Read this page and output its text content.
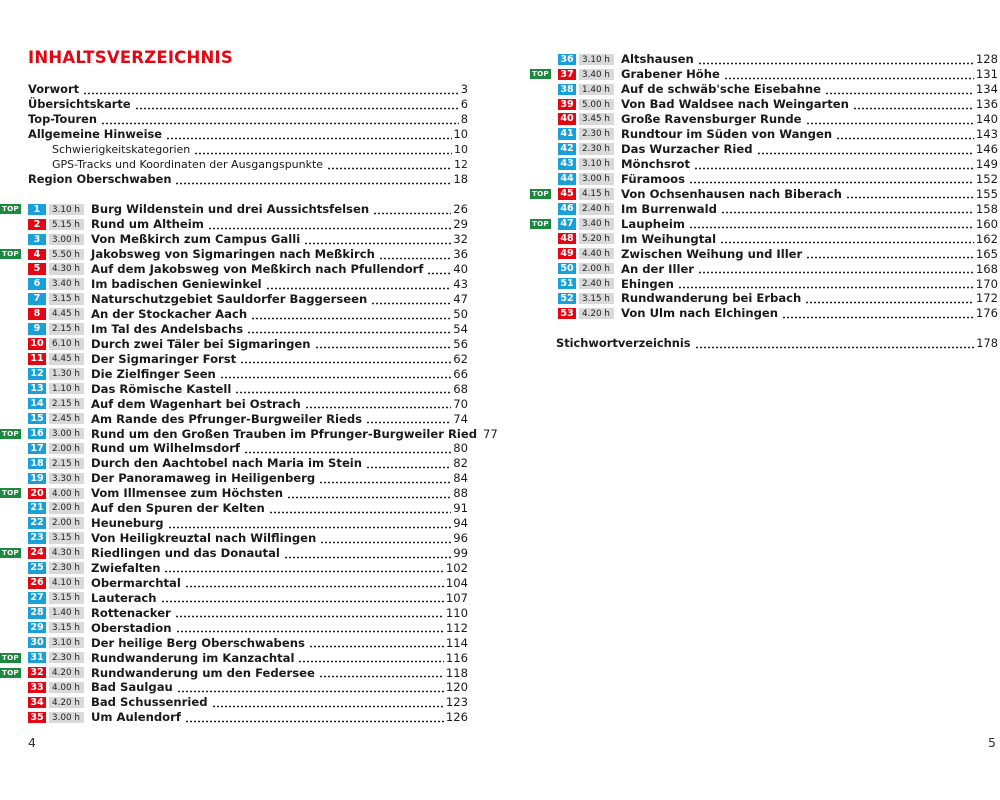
INHALTSVERZEICHNIS
Vorwort	3
Übersichtskarte	6
Top-Touren	8
Allgemeine Hinweise	10
Schwierigkeitskategorien	10
GPS-Tracks und Koordinaten der Ausgangspunkte	12
Region Oberschwaben	18
TOP	1	3.10 h Burg Wildenstein und drei Aussichtsfelsen	26
2	5.15 h Rund um Altheim	29
3	3.00 h Von Meßkirch zum Campus Galli	32
TOP	4	5.50 h Jakobsweg von Sigmaringen nach Meßkirch	36
5	4.30 h Auf dem Jakobsweg von Meßkirch nach Pfullendorf	40
6	3.40 h Im badischen Geniewinkel	43
7	3.15 h Naturschutzgebiet Sauldorfer Baggerseen	47
8	4.45 h An der Stockacher Aach	50
9	2.15 h Im Tal des Andelsbachs	54
10 6.10 h Durch zwei Täler bei Sigmaringen	56
11 4.45 h Der Sigmaringer Forst	62
12 1.30 h Die Zielfinger Seen	66
13 1.10 h Das Römische Kastell	68
14 2.15 h Auf dem Wagenhart bei Ostrach	70
15 2.45 h Am Rande des Pfrunger-Burgweiler Rieds	74
TOP 16 3.00 h Rund um den Großen Trauben im Pfrunger-Burgweiler Ried 77
17 2.00 h Rund um Wilhelmsdorf	80
18 2.15 h Durch den Aachtobel nach Maria im Stein	82
19 3.30 h Der Panoramaweg in Heiligenberg	84
TOP 20 4.00 h Vom Illmensee zum Höchsten	88
21 2.00 h Auf den Spuren der Kelten	91
22 2.00 h Heuneburg	94
23 3.15 h Von Heiligkreuztal nach Wilflingen	96
TOP 24 4.30 h Riedlingen und das Donautal	99
25 2.30 h Zwiefalten	102
26 4.10 h Obermarchtal	104
27 3.15 h Lauterach	107
28 1.40 h Rottenacker	110
29 3.15 h Oberstadion	112
30 3.10 h Der heilige Berg Oberschwabens	114
TOP 31 2.30 h Rundwanderung im Kanzachtal	116
TOP 32 4.20 h Rundwanderung um den Federsee	118
33 4.00 h Bad Saulgau	120
34 4.20 h Bad Schussenried	123
35 3.00 h Um Aulendorf	126
4
36 3.10 h Altshausen	128
TOP 37 3.40 h Grabener Höhe	131
38 1.40 h Auf de schwäb'sche Eisebahne	134
39 5.00 h Von Bad Waldsee nach Weingarten	136
40 3.45 h Große Ravensburger Runde	140
41 2.30 h Rundtour im Süden von Wangen	143
42 2.30 h Das Wurzacher Ried	146
43 3.10 h Mönchsrot	149
44 3.00 h Füramoos	152
TOP 45 4.15 h Von Ochsenhausen nach Biberach	155
46 2.40 h Im Burrenwald	158
TOP 47 3.40 h Laupheim	160
48 5.20 h Im Weihungtal	162
49 4.40 h Zwischen Weihung und Iller	165
50 2.00 h An der Iller	168
51 2.40 h Ehingen	170
52 3.15 h Rundwanderung bei Erbach	172
53 4.20 h Von Ulm nach Elchingen	176
Stichwortverzeichnis	178
5
